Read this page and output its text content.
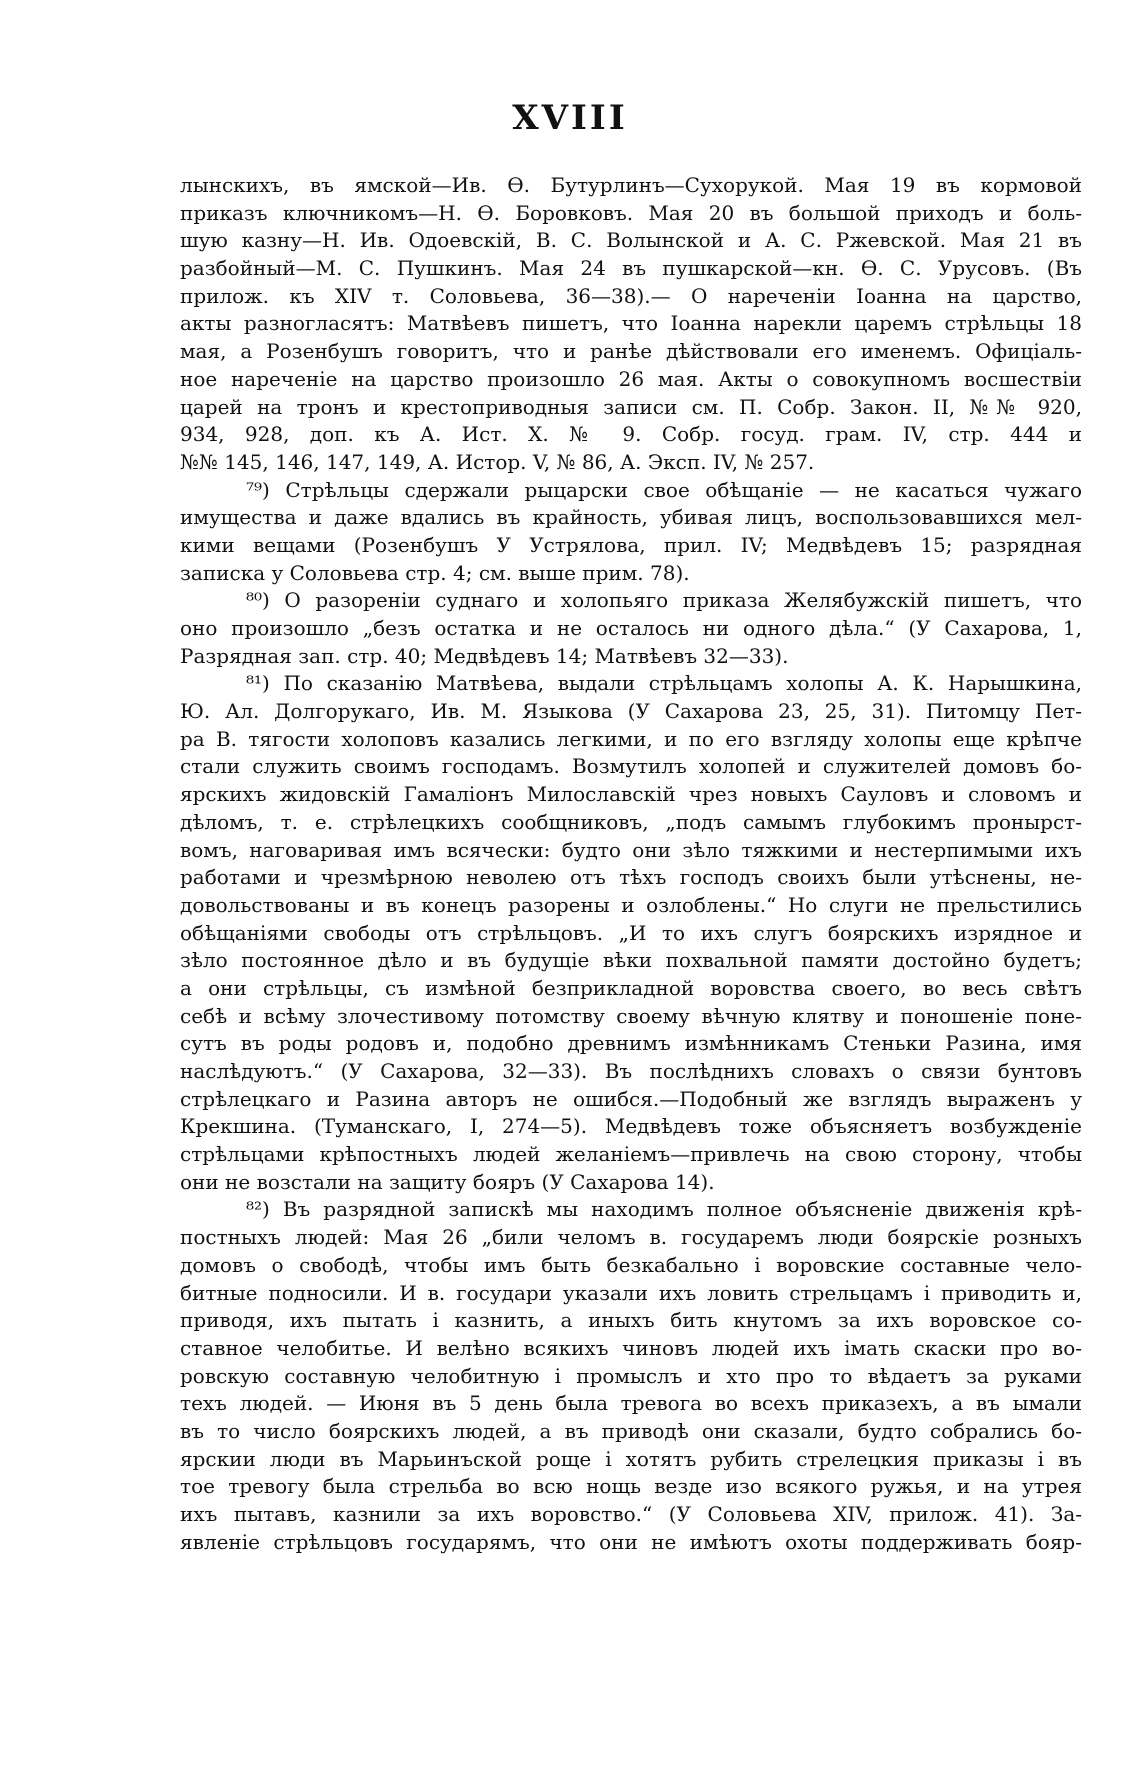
XVIII
лынскихъ, въ ямской—Ив. Ѳ. Бутурлинъ—Сухорукой. Мая 19 въ кормовой
приказъ ключникомъ—Н. Ѳ. Боровковъ. Мая 20 въ большой приходъ и боль-
шую казну—Н. Ив. Одоевскій, В. С. Волынской и А. С. Ржевской. Мая 21 въ
разбойный—М. С. Пушкинъ. Мая 24 въ пушкарской—кн. Ѳ. С. Урусовъ. (Въ
прилож. къ XIV т. Соловьева, 36—38).— О нареченіи Іоанна на царство,
акты разногласятъ: Матвѣевъ пишетъ, что Іоанна нарекли царемъ стрѣльцы 18
мая, а Розенбушъ говоритъ, что и ранѣе дѣйствовали его именемъ. Офиціаль-
ное нареченіе на царство произошло 26 мая. Акты о совокупномъ восшествіи
царей на тронъ и крестоприводныя записи см. П. Собр. Закон. II, №№ 920,
934, 928, доп. къ А. Ист. X. № 9. Собр. госуд. грам. IV, стр. 444 и
№№ 145, 146, 147, 149, А. Истор. V, № 86, А. Эксп. IV, № 257.
⁷⁹) Стрѣльцы сдержали рыцарски свое обѣщаніе — не касаться чужаго
имущества и даже вдались въ крайность, убивая лицъ, воспользовавшихся мел-
кими вещами (Розенбушъ У Устрялова, прил. IV; Медвѣдевъ 15; разрядная
записка у Соловьева стр. 4; см. выше прим. 78).
⁸⁰) О разореніи суднаго и холопьяго приказа Желябужскій пишетъ, что
оно произошло „безъ остатка и не осталось ни одного дѣла.“ (У Сахарова, 1,
Разрядная зап. стр. 40; Медвѣдевъ 14; Матвѣевъ 32—33).
⁸¹) По сказанію Матвѣева, выдали стрѣльцамъ холопы А. К. Нарышкина,
Ю. Ал. Долгорукаго, Ив. М. Языкова (У Сахарова 23, 25, 31). Питомцу Пет-
ра В. тягости холоповъ казались легкими, и по его взгляду холопы еще крѣпче
стали служить своимъ господамъ. Возмутилъ холопей и служителей домовъ бо-
ярскихъ жидовскій Гамаліонъ Милославскій чрез новыхъ Сауловъ и словомъ и
дѣломъ, т. е. стрѣлецкихъ сообщниковъ, „подъ самымъ глубокимъ пронырст-
вомъ, наговаривая имъ всячески: будто они зѣло тяжкими и нестерпимыми ихъ
работами и чрезмѣрною неволею отъ тѣхъ господъ своихъ были утѣснены, не-
довольствованы и въ конецъ разорены и озлоблены.“ Но слуги не прельстились
обѣщаніями свободы отъ стрѣльцовъ. „И то ихъ слугъ боярскихъ изрядное и
зѣло постоянное дѣло и въ будущіе вѣки похвальной памяти достойно будетъ;
а они стрѣльцы, съ измѣной безприкладной воровства своего, во весь свѣтъ
себѣ и всѣму злочестивому потомству своему вѣчную клятву и поношеніе поне-
сутъ въ роды родовъ и, подобно древнимъ измѣнникамъ Стеньки Разина, имя
наслѣдуютъ.“ (У Сахарова, 32—33). Въ послѣднихъ словахъ о связи бунтовъ
стрѣлецкаго и Разина авторъ не ошибся.—Подобный же взглядъ выраженъ у
Крекшина. (Туманскаго, I, 274—5). Медвѣдевъ тоже объясняетъ возбужденіе
стрѣльцами крѣпостныхъ людей желаніемъ—привлечь на свою сторону, чтобы
они не возстали на защиту бояръ (У Сахарова 14).
⁸²) Въ разрядной запискѣ мы находимъ полное объясненіе движенія крѣ-
постныхъ людей: Мая 26 „били челомъ в. государемъ люди боярскіе розныхъ
домовъ о свободѣ, чтобы имъ быть безкабально і воровские составные чело-
битные подносили. И в. государи указали ихъ ловить стрельцамъ і приводить и,
приводя, ихъ пытать і казнить, а иныхъ бить кнутомъ за ихъ воровское со-
ставное челобитье. И велѣно всякихъ чиновъ людей ихъ імать скаски про во-
ровскую составную челобитную і промыслъ и хто про то вѣдаетъ за руками
техъ людей. — Июня въ 5 день была тревога во всехъ приказехъ, а въ ымали
въ то число боярскихъ людей, а въ приводѣ они сказали, будто собрались бо-
ярскии люди въ Марьинъской роще і хотятъ рубить стрелецкия приказы і въ
тое тревогу была стрельба во всю нощь везде изо всякого ружья, и на утрея
ихъ пытавъ, казнили за ихъ воровство.“ (У Соловьева XIV, прилож. 41). За-
явленіе стрѣльцовъ государямъ, что они не имѣютъ охоты поддерживать бояр-
